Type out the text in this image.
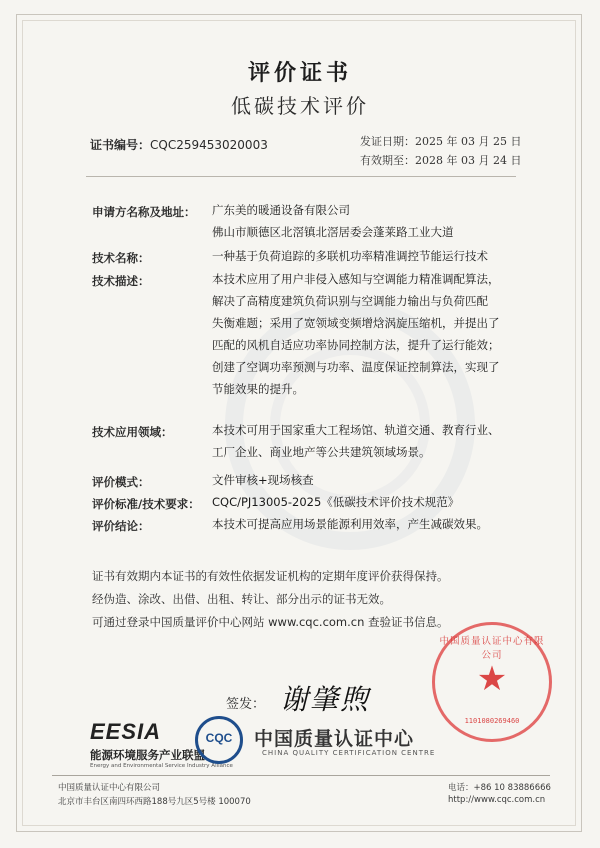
评价证书
低碳技术评价
证书编号：CQC259453020003	发证日期：2025 年 03 月 25 日
有效期至：2028 年 03 月 24 日
申请方名称及地址： 广东美的暖通设备有限公司
佛山市顺德区北滘镇北滘居委会蓬莱路工业大道
技术名称：	一种基于负荷追踪的多联机功率精准调控节能运行技术
技术描述：	本技术应用了用户非侵入感知与空调能力精准调配算法，
解决了高精度建筑负荷识别与空调能力输出与负荷匹配
失衡难题；采用了宽领域变频增焓涡旋压缩机，并提出了
匹配的风机自适应功率协同控制方法，提升了运行能效；
创建了空调功率预测与功率、温度保证控制算法，实现了
节能效果的提升。
技术应用领域：	本技术可用于国家重大工程场馆、轨道交通、教育行业、
工厂企业、商业地产等公共建筑领域场景。
评价模式：	文件审核+现场核查
评价标准/技术要求： CQC/PJ13005-2025《低碳技术评价技术规范》
评价结论：	本技术可提高应用场景能源利用效率，产生减碳效果。
证书有效期内本证书的有效性依据发证机构的定期年度评价获得保持。
经伪造、涂改、出借、出租、转让、部分出示的证书无效。
可通过登录中国质量评价中心网站 www.cqc.com.cn 查验证书信息。
签发： 谢肇煦
中国质量认证中心有限公司
★
1101080269460
EESIA
能源环境服务产业联盟
Energy and Environmental Service Industry Alliance
CQC	中国质量认证中心
CHINA QUALITY CERTIFICATION CENTRE
中国质量认证中心有限公司
北京市丰台区南四环西路188号九区5号楼 100070
电话：+86 10 83886666
http://www.cqc.com.cn
